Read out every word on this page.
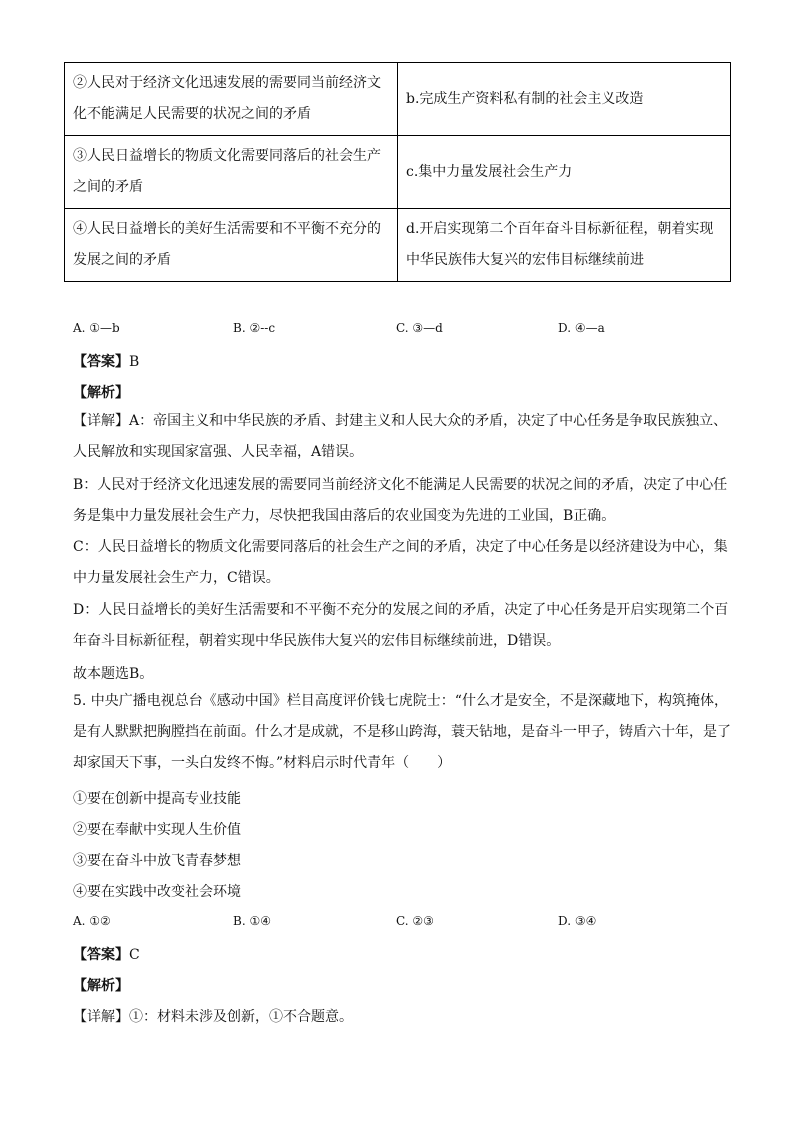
②人民对于经济文化迅速发展的需要同当前经济文化不能满足人民需要的状况之间的矛盾	b.完成生产资料私有制的社会主义改造
③人民日益增长的物质文化需要同落后的社会生产之间的矛盾	c.集中力量发展社会生产力
④人民日益增长的美好生活需要和不平衡不充分的发展之间的矛盾	d.开启实现第二个百年奋斗目标新征程，朝着实现中华民族伟大复兴的宏伟目标继续前进
A. ①—b	B. ②--c	C. ③—d	D. ④—a
【答案】B
【解析】
【详解】A：帝国主义和中华民族的矛盾、封建主义和人民大众的矛盾，决定了中心任务是争取民族独立、人民解放和实现国家富强、人民幸福，A错误。
B：人民对于经济文化迅速发展的需要同当前经济文化不能满足人民需要的状况之间的矛盾，决定了中心任务是集中力量发展社会生产力，尽快把我国由落后的农业国变为先进的工业国，B正确。
C：人民日益增长的物质文化需要同落后的社会生产之间的矛盾，决定了中心任务是以经济建设为中心，集中力量发展社会生产力，C错误。
D：人民日益增长的美好生活需要和不平衡不充分的发展之间的矛盾，决定了中心任务是开启实现第二个百年奋斗目标新征程，朝着实现中华民族伟大复兴的宏伟目标继续前进，D错误。
故本题选B。
5. 中央广播电视总台《感动中国》栏目高度评价钱七虎院士：“什么才是安全，不是深藏地下，构筑掩体，是有人默默把胸膛挡在前面。什么才是成就，不是移山跨海，蓑天钻地，是奋斗一甲子，铸盾六十年，是了却家国天下事，一头白发终不悔。”材料启示时代青年（　　）
①要在创新中提高专业技能
②要在奉献中实现人生价值
③要在奋斗中放飞青春梦想
④要在实践中改变社会环境
A. ①②	B. ①④	C. ②③	D. ③④
【答案】C
【解析】
【详解】①：材料未涉及创新，①不合题意。
